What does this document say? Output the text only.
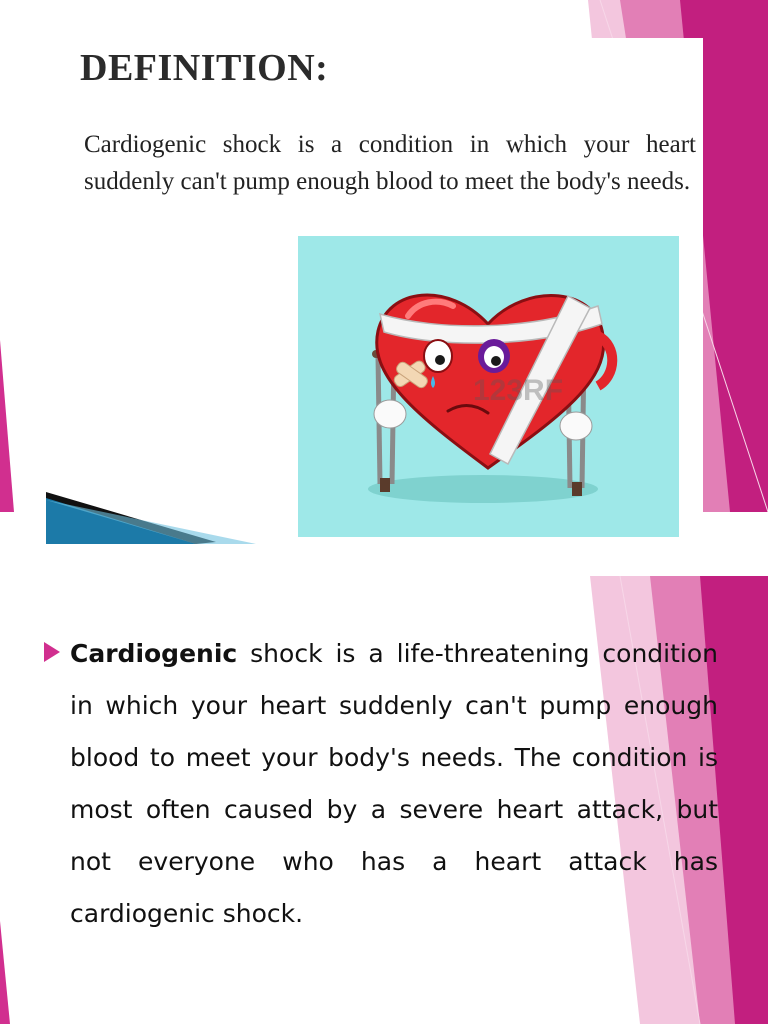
DEFINITION:

Cardiogenic shock is a condition in which your heart suddenly can't pump enough blood to meet the body's needs.

123RF

Cardiogenic shock is a life-threatening condition in which your heart suddenly can't pump enough blood to meet your body's needs. The condition is most often caused by a severe heart attack, but not everyone who has a heart attack has cardiogenic shock.
